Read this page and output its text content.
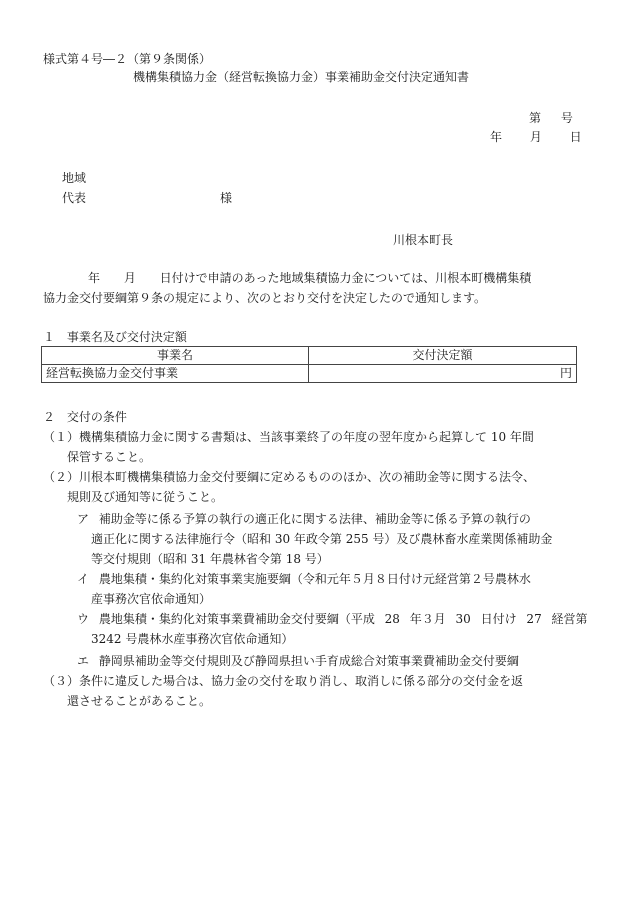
様式第４号―２（第９条関係）
機構集積協力金（経営転換協力金）事業補助金交付決定通知書
第 号
年 月 日
地域
代表	様
川根本町長
年 月 日付けで申請のあった地域集積協力金については、川根本町機構集積
協力金交付要綱第９条の規定により、次のとおり交付を決定したので通知します。
１ 事業名及び交付決定額
事業名	交付決定額
経営転換協力金交付事業	円
２ 交付の条件
（１）機構集積協力金に関する書類は、当該事業終了の年度の翌年度から起算して 10 年間
保管すること。
（２）川根本町機構集積協力金交付要綱に定めるもののほか、次の補助金等に関する法令、
規則及び通知等に従うこと。
ア 補助金等に係る予算の執行の適正化に関する法律、補助金等に係る予算の執行の
適正化に関する法律施行令（昭和 30 年政令第 255 号）及び農林畜水産業関係補助金
等交付規則（昭和 31 年農林省令第 18 号）
イ 農地集積・集約化対策事業実施要綱（令和元年５月８日付け元経営第２号農林水
産事務次官依命通知）
ウ 農地集積・集約化対策事業費補助金交付要綱（平成 28 年３月 30 日付け 27 経営第
3242 号農林水産事務次官依命通知）
エ 静岡県補助金等交付規則及び静岡県担い手育成総合対策事業費補助金交付要綱
（３）条件に違反した場合は、協力金の交付を取り消し、取消しに係る部分の交付金を返
還させることがあること。
